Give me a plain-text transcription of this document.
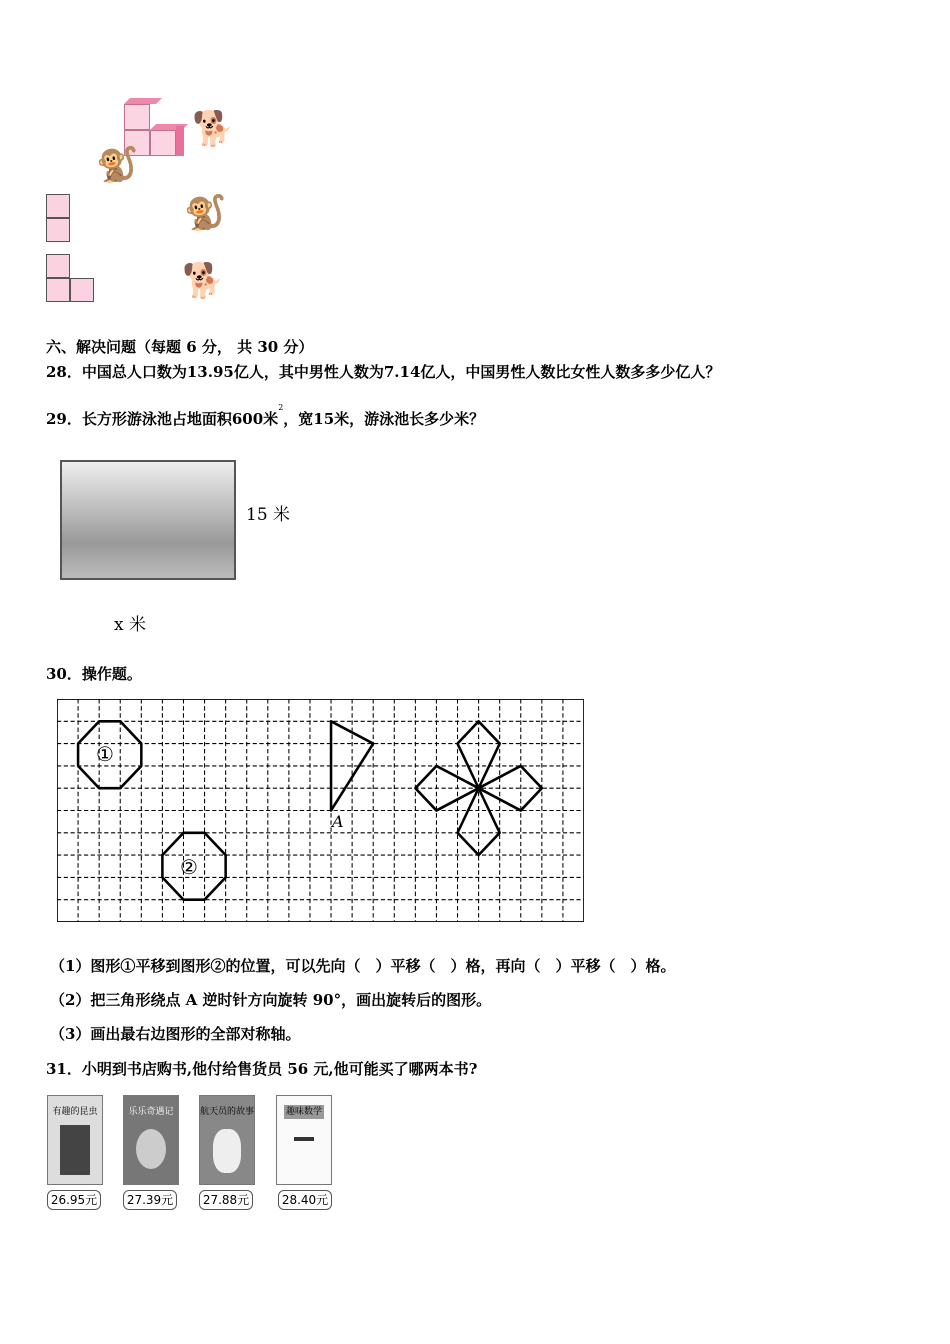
🐕
🐒
🐒
🐕
六、解决问题（每题 6 分， 共 30 分）
28．中国总人口数为13.95亿人，其中男性人数为7.14亿人，中国男性人数比女性人数多多少亿人？
29．长方形游泳池占地面积600米$^2$，宽15米，游泳池长多少米？
15 米
x 米
30．操作题。
①
②
A
（1）图形①平移到图形②的位置，可以先向（　）平移（　）格，再向（　）平移（　）格。
（2）把三角形绕点 A 逆时针方向旋转 90°，画出旋转后的图形。
（3）画出最右边图形的全部对称轴。
31．小明到书店购书,他付给售货员 56 元,他可能买了哪两本书?
有趣的昆虫	乐乐奇遇记	航天员的故事	趣味数学
26.95元	27.39元	27.88元	28.40元
